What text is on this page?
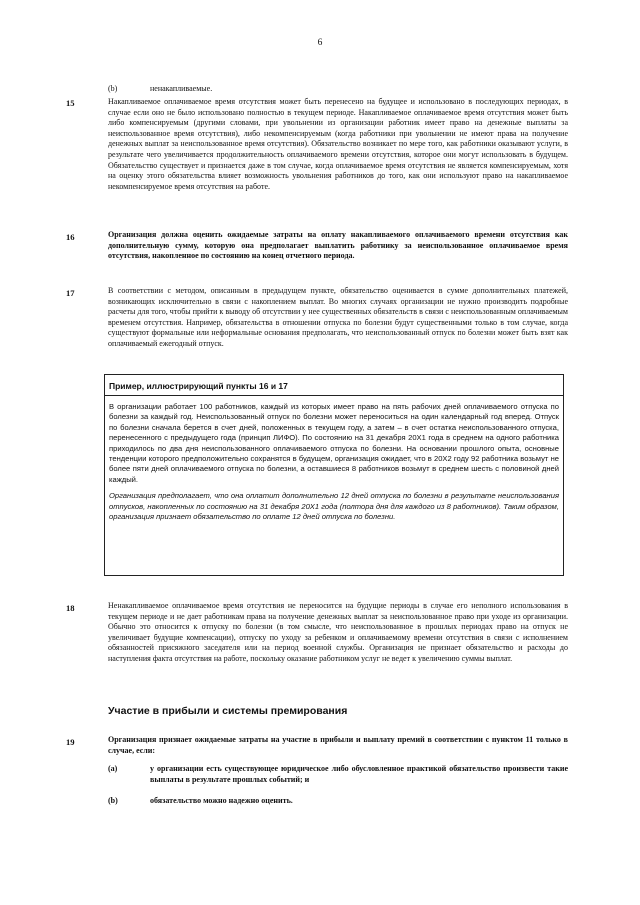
6
(b)	ненакапливаемые.
15	Накапливаемое оплачиваемое время отсутствия может быть перенесено на будущее и использовано в последующих периодах, в случае если оно не было использовано полностью в текущем периоде. Накапливаемое оплачиваемое время отсутствия может быть либо компенсируемым (другими словами, при увольнении из организации работник имеет право на денежные выплаты за неиспользованное время отсутствия), либо некомпенсируемым (когда работники при увольнении не имеют права на получение денежных выплат за неиспользованное время отсутствия). Обязательство возникает по мере того, как работники оказывают услуги, в результате чего увеличивается продолжительность оплачиваемого времени отсутствия, которое они могут использовать в будущем. Обязательство существует и признается даже в том случае, когда оплачиваемое время отсутствия не является компенсируемым, хотя на оценку этого обязательства влияет возможность увольнения работников до того, как они используют право на накапливаемое некомпенсируемое время отсутствия на работе.
16	Организация должна оценить ожидаемые затраты на оплату накапливаемого оплачиваемого времени отсутствия как дополнительную сумму, которую она предполагает выплатить работнику за неиспользованное оплачиваемое время отсутствия, накопленное по состоянию на конец отчетного периода.
17	В соответствии с методом, описанным в предыдущем пункте, обязательство оценивается в сумме дополнительных платежей, возникающих исключительно в связи с накоплением выплат. Во многих случаях организации не нужно производить подробные расчеты для того, чтобы прийти к выводу об отсутствии у нее существенных обязательств в связи с неиспользованным оплачиваемым временем отсутствия. Например, обязательства в отношении отпуска по болезни будут существенными только в том случае, когда существуют формальные или неформальные основания предполагать, что неиспользованный отпуск по болезни может быть взят как оплачиваемый ежегодный отпуск.
Пример, иллюстрирующий пункты 16 и 17
В организации работает 100 работников, каждый из которых имеет право на пять рабочих дней оплачиваемого отпуска по болезни за каждый год. Неиспользованный отпуск по болезни может переноситься на один календарный год вперед. Отпуск по болезни сначала берется в счет дней, положенных в текущем году, а затем – в счет остатка неиспользованного отпуска, перенесенного с предыдущего года (принцип ЛИФО). По состоянию на 31 декабря 20X1 года в среднем на одного работника приходилось по два дня неиспользованного оплачиваемого отпуска по болезни. На основании прошлого опыта, основные тенденции которого предположительно сохранятся в будущем, организация ожидает, что в 20X2 году 92 работника возьмут не более пяти дней оплачиваемого отпуска по болезни, а оставшиеся 8 работников возьмут в среднем шесть с половиной дней каждый.
Организация предполагает, что она оплатит дополнительно 12 дней отпуска по болезни в результате неиспользования отпусков, накопленных по состоянию на 31 декабря 20X1 года (полтора дня для каждого из 8 работников). Таким образом, организация признает обязательство по оплате 12 дней отпуска по болезни.
18	Ненакапливаемое оплачиваемое время отсутствия не переносится на будущие периоды в случае его неполного использования в текущем периоде и не дает работникам права на получение денежных выплат за неиспользованное право при уходе из организации. Обычно это относится к отпуску по болезни (в том смысле, что неиспользованное в прошлых периодах право на отпуск не увеличивает будущие компенсации), отпуску по уходу за ребенком и оплачиваемому времени отсутствия в связи с исполнением обязанностей присяжного заседателя или на период военной службы. Организация не признает обязательство и расходы до наступления факта отсутствия на работе, поскольку оказание работником услуг не ведет к увеличению суммы выплат.
Участие в прибыли и системы премирования
19	Организация признает ожидаемые затраты на участие в прибыли и выплату премий в соответствии с пунктом 11 только в случае, если:
(a)	у организации есть существующее юридическое либо обусловленное практикой обязательство произвести такие выплаты в результате прошлых событий; и
(b)	обязательство можно надежно оценить.
